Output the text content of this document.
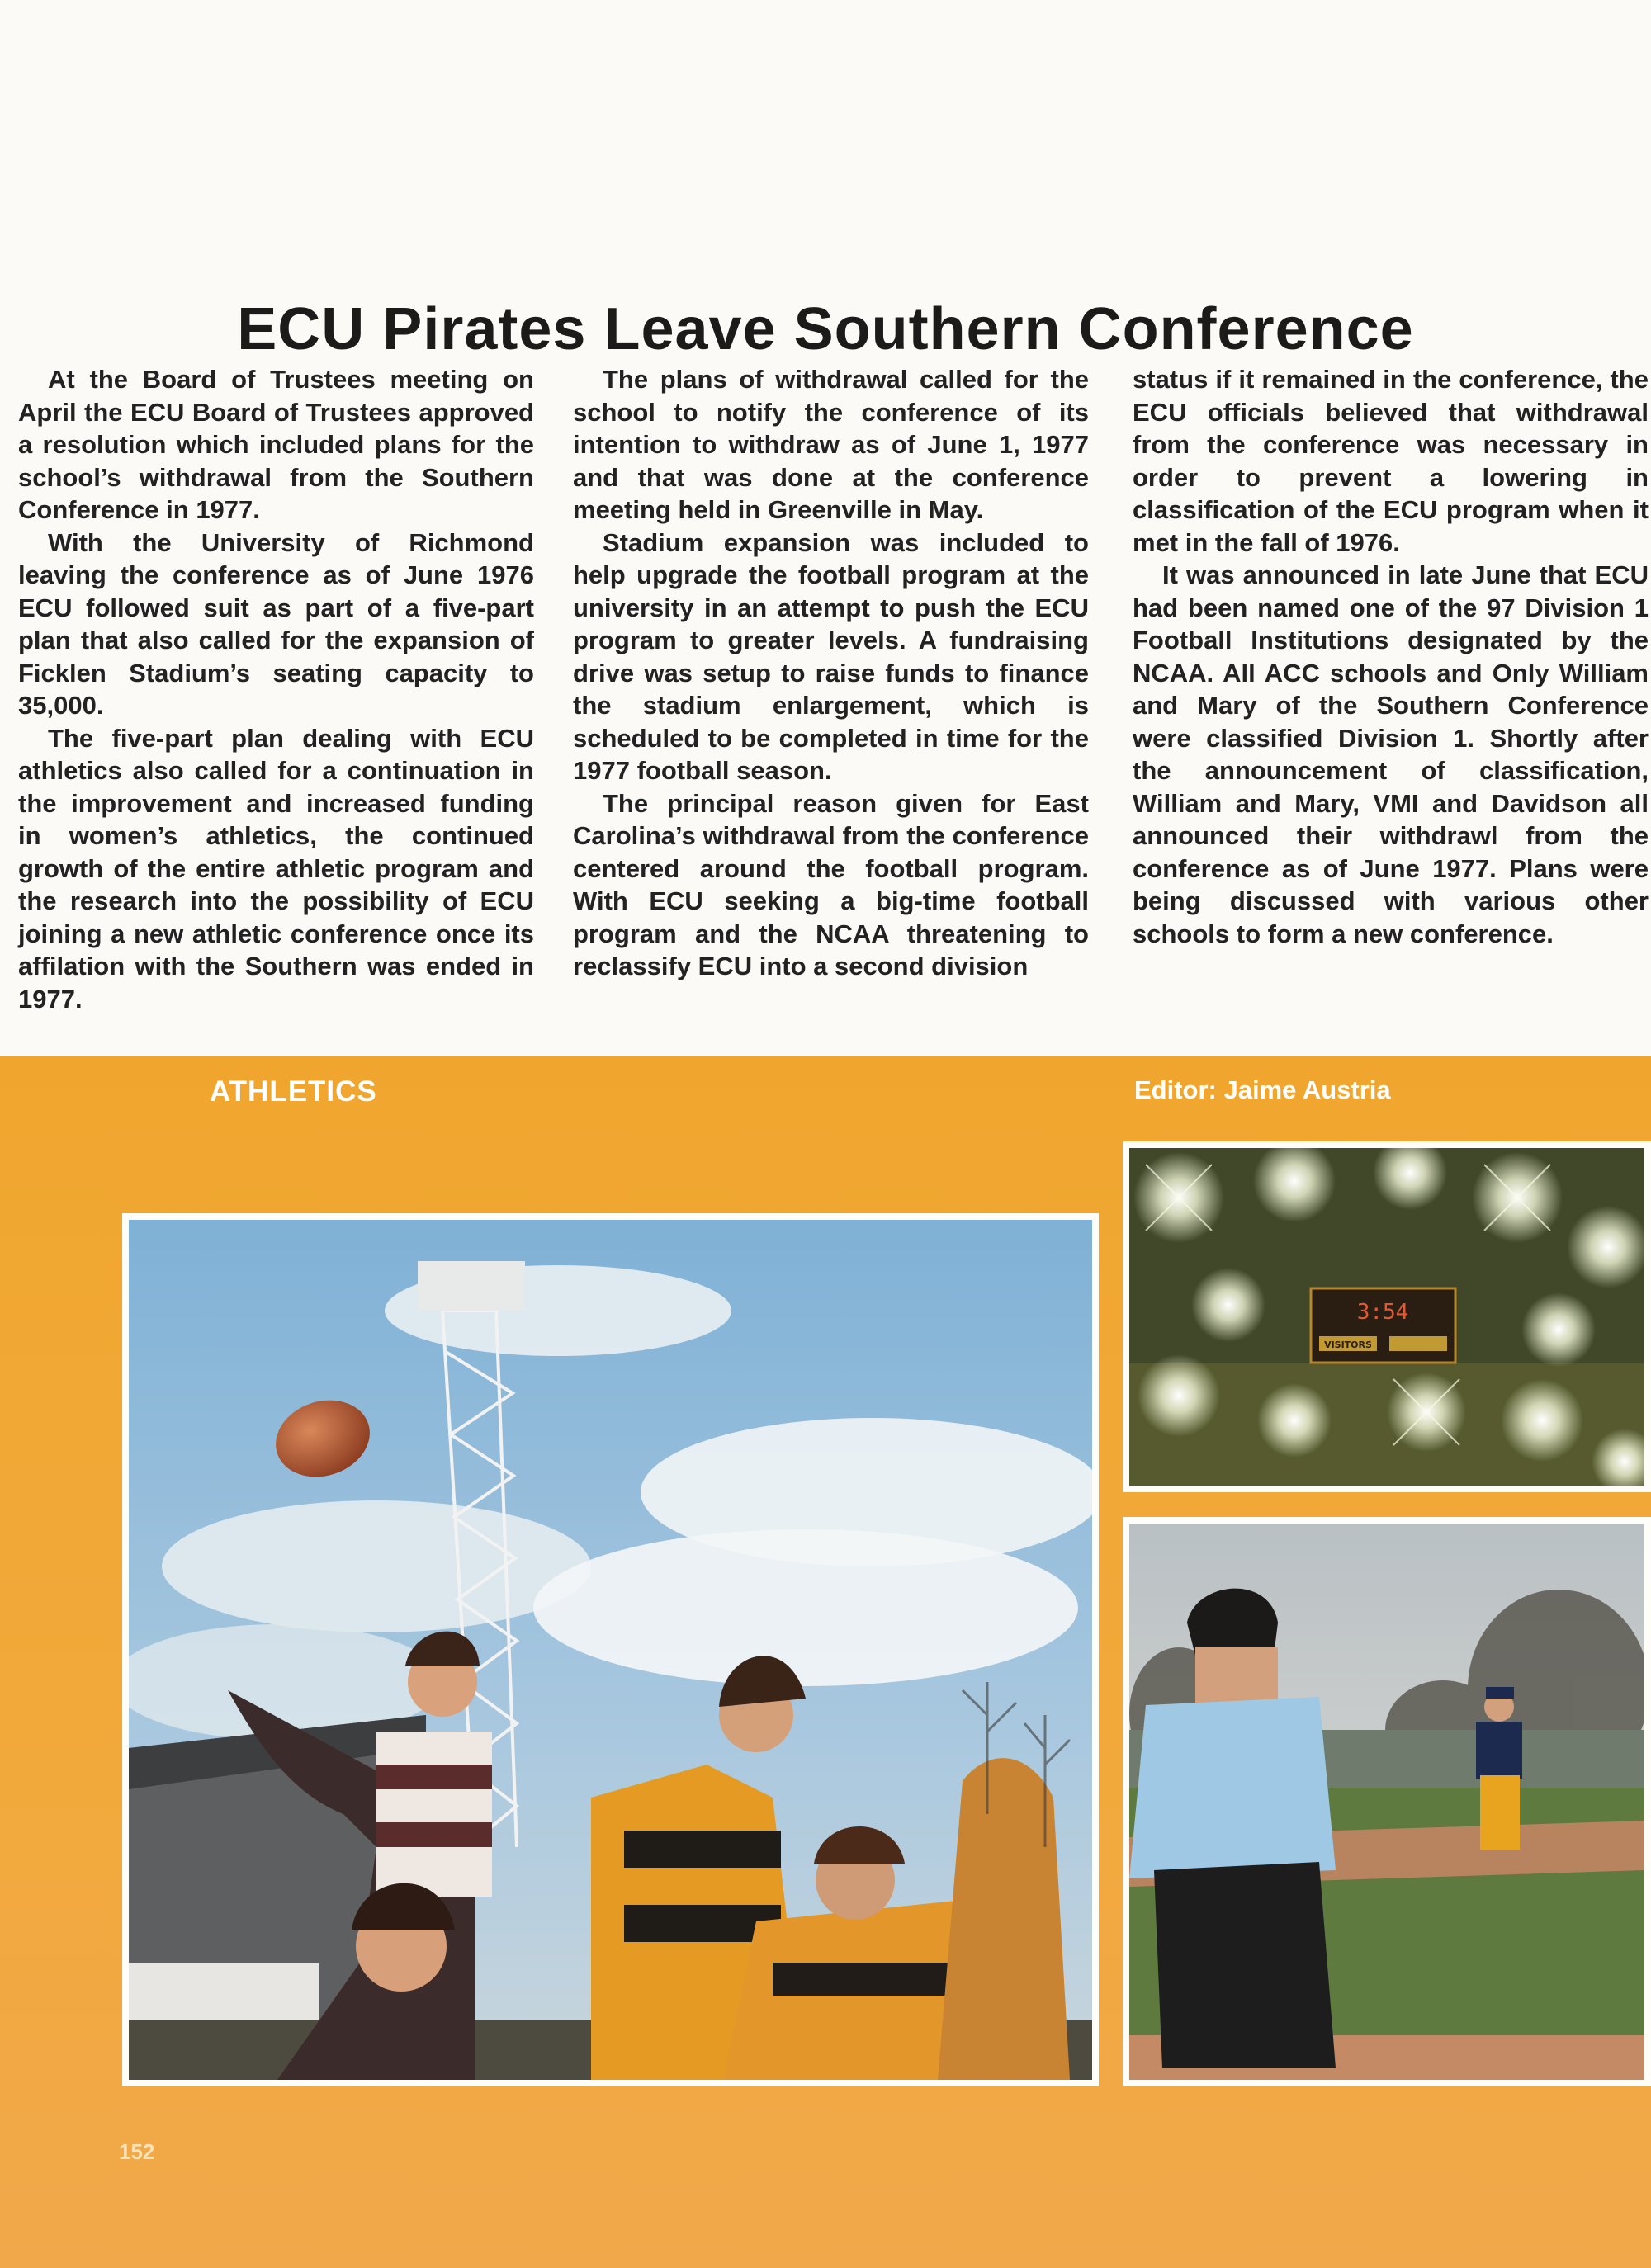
ECU Pirates Leave Southern Conference

At the Board of Trustees meeting on April the ECU Board of Trustees approved a resolution which included plans for the school’s withdrawal from the Southern Conference in 1977.

With the University of Richmond leaving the conference as of June 1976 ECU followed suit as part of a five-part plan that also called for the expansion of Ficklen Stadium’s seating capacity to 35,000.

The five-part plan dealing with ECU athletics also called for a continuation in the improvement and increased funding in women’s athletics, the continued growth of the entire athletic program and the research into the possibility of ECU joining a new athletic conference once its affilation with the Southern was ended in 1977.

The plans of withdrawal called for the school to notify the conference of its intention to withdraw as of June 1, 1977 and that was done at the conference meeting held in Greenville in May.

Stadium expansion was included to help upgrade the football program at the university in an attempt to push the ECU program to greater levels. A fundraising drive was setup to raise funds to finance the stadium enlargement, which is scheduled to be completed in time for the 1977 football season.

The principal reason given for East Carolina’s withdrawal from the conference centered around the football program. With ECU seeking a big-time football program and the NCAA threatening to reclassify ECU into a second division

status if it remained in the conference, the ECU officials believed that withdrawal from the conference was necessary in order to prevent a lowering in classification of the ECU program when it met in the fall of 1976.

It was announced in late June that ECU had been named one of the 97 Division 1 Football Institutions designated by the NCAA. All ACC schools and Only William and Mary of the Southern Conference were classified Division 1. Shortly after the announcement of classification, William and Mary, VMI and Davidson all announced their withdrawl from the conference as of June 1977. Plans were being discussed with various other schools to form a new conference.

ATHLETICS	Editor: Jaime Austria
3:54
VISITORS
152
